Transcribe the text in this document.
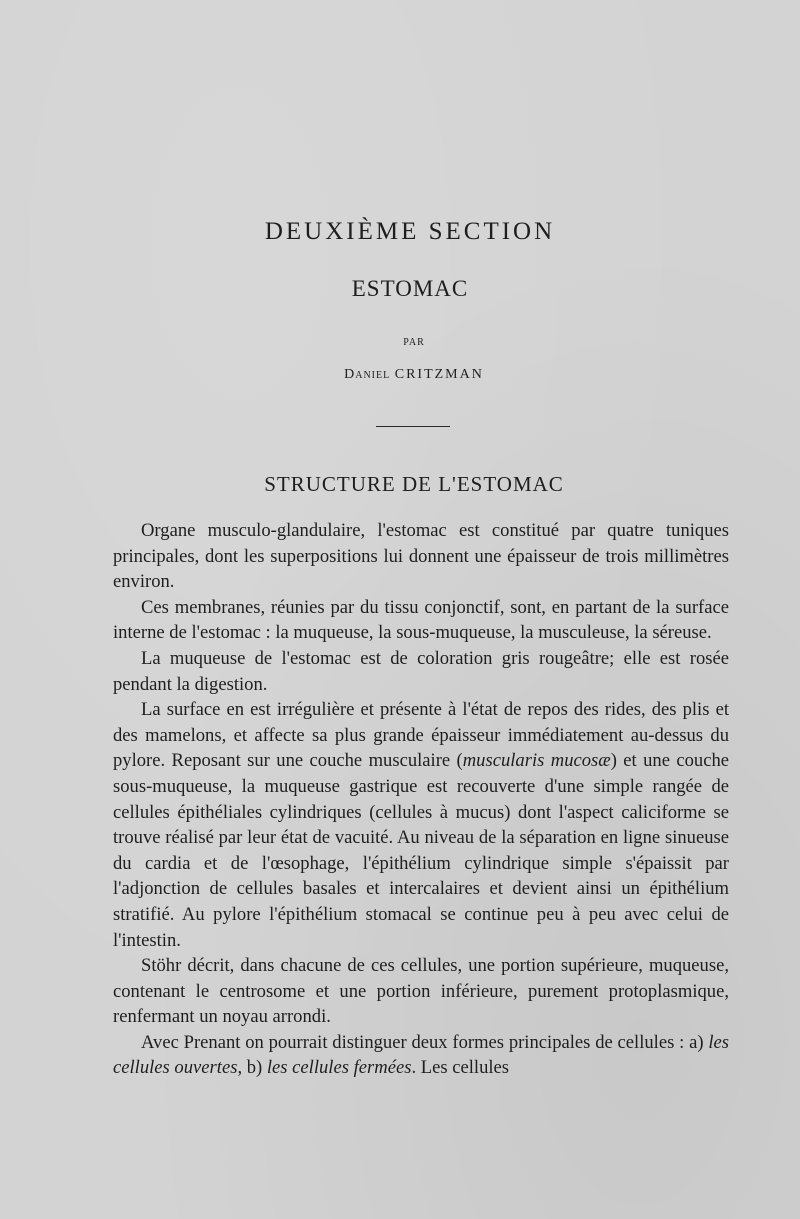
DEUXIÈME SECTION
ESTOMAC
PAR
Daniel CRITZMAN
STRUCTURE DE L'ESTOMAC

Organe musculo-glandulaire, l'estomac est constitué par quatre tuniques principales, dont les superpositions lui donnent une épaisseur de trois millimètres environ.

Ces membranes, réunies par du tissu conjonctif, sont, en partant de la surface interne de l'estomac : la muqueuse, la sous-muqueuse, la musculeuse, la séreuse.

La muqueuse de l'estomac est de coloration gris rougeâtre; elle est rosée pendant la digestion.

La surface en est irrégulière et présente à l'état de repos des rides, des plis et des mamelons, et affecte sa plus grande épaisseur immédiatement au-dessus du pylore. Reposant sur une couche musculaire (muscularis mucosæ) et une couche sous-muqueuse, la muqueuse gastrique est recouverte d'une simple rangée de cellules épithéliales cylindriques (cellules à mucus) dont l'aspect caliciforme se trouve réalisé par leur état de vacuité. Au niveau de la séparation en ligne sinueuse du cardia et de l'œsophage, l'épithélium cylindrique simple s'épaissit par l'adjonction de cellules basales et intercalaires et devient ainsi un épithélium stratifié. Au pylore l'épithélium stomacal se continue peu à peu avec celui de l'intestin.

Stöhr décrit, dans chacune de ces cellules, une portion supérieure, muqueuse, contenant le centrosome et une portion inférieure, purement protoplasmique, renfermant un noyau arrondi.

Avec Prenant on pourrait distinguer deux formes principales de cellules : a) les cellules ouvertes, b) les cellules fermées. Les cellules
